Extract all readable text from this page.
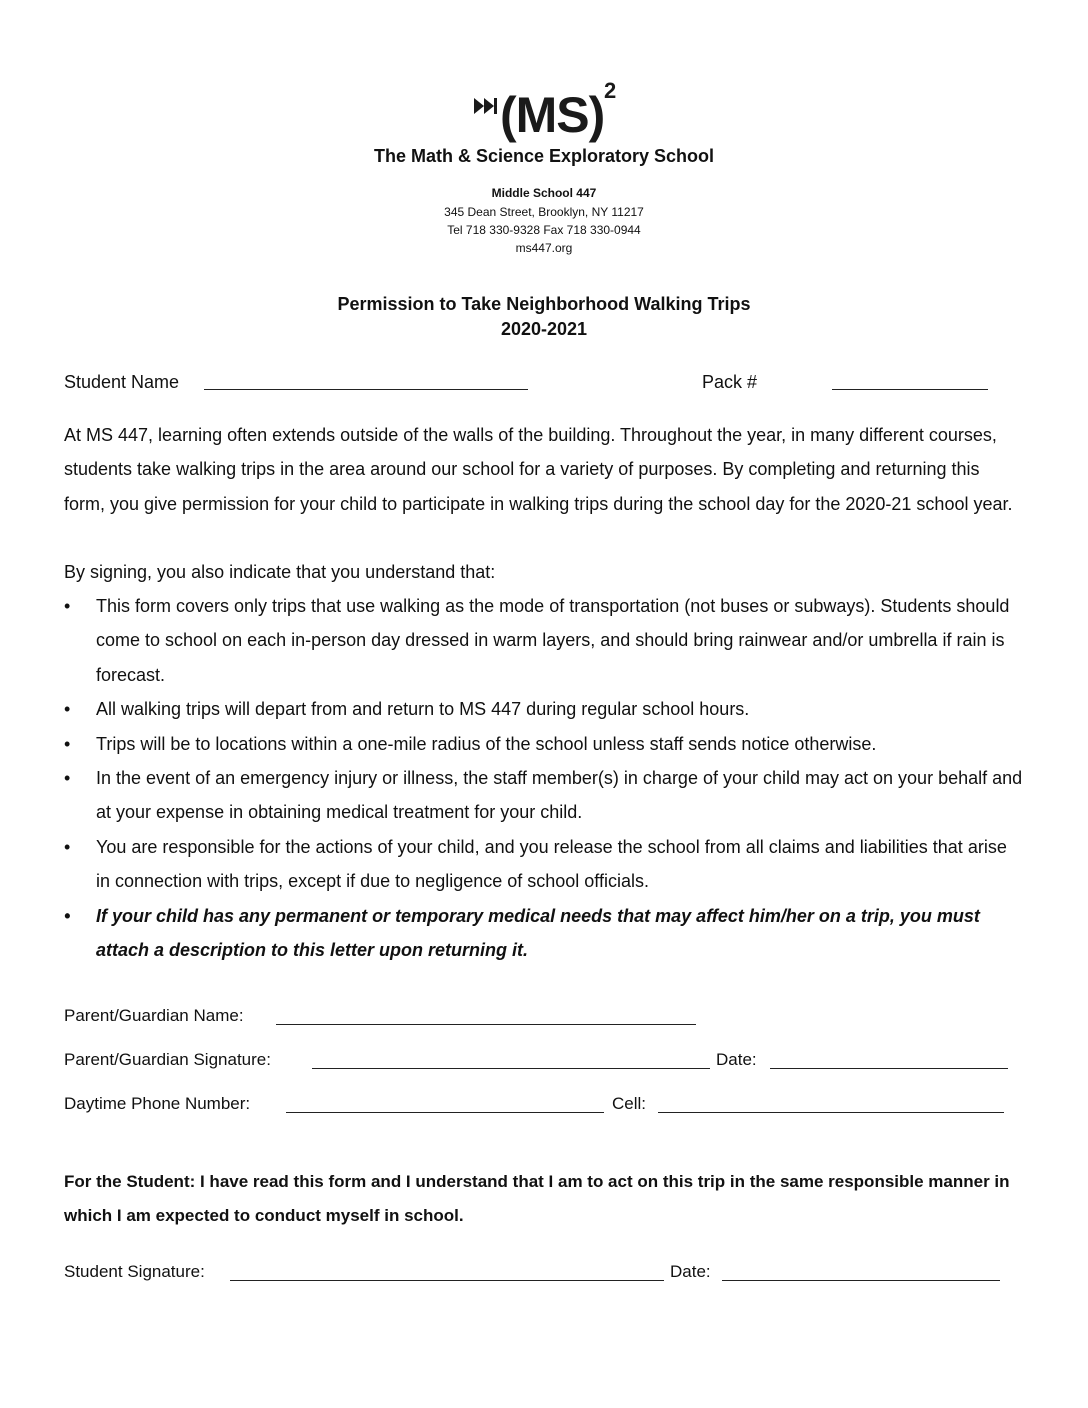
(MS) 2
The Math & Science Exploratory School
Middle School 447
345 Dean Street, Brooklyn, NY 11217
Tel 718 330-9328 Fax 718 330-0944
ms447.org
Permission to Take Neighborhood Walking Trips
2020-2021
Student Name	Pack #
At MS 447, learning often extends outside of the walls of the building. Throughout the year, in many different courses, students take walking trips in the area around our school for a variety of purposes. By completing and returning this form, you give permission for your child to participate in walking trips during the school day for the 2020-21 school year.
By signing, you also indicate that you understand that:
• This form covers only trips that use walking as the mode of transportation (not buses or subways). Students should come to school on each in-person day dressed in warm layers, and should bring rainwear and/or umbrella if rain is forecast.
• All walking trips will depart from and return to MS 447 during regular school hours.
• Trips will be to locations within a one-mile radius of the school unless staff sends notice otherwise.
• In the event of an emergency injury or illness, the staff member(s) in charge of your child may act on your behalf and at your expense in obtaining medical treatment for your child.
• You are responsible for the actions of your child, and you release the school from all claims and liabilities that arise in connection with trips, except if due to negligence of school officials.
• If your child has any permanent or temporary medical needs that may affect him/her on a trip, you must attach a description to this letter upon returning it.
Parent/Guardian Name:
Parent/Guardian Signature:	Date:
Daytime Phone Number:	Cell:
For the Student: I have read this form and I understand that I am to act on this trip in the same responsible manner in which I am expected to conduct myself in school.
Student Signature:	Date:
